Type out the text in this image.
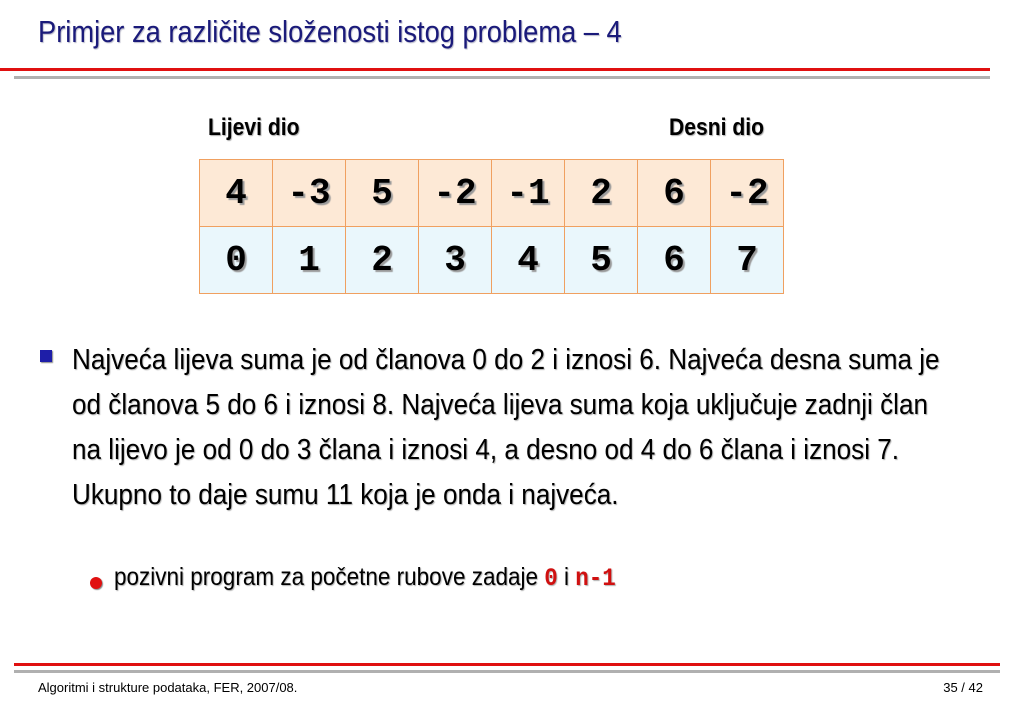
Primjer za različite složenosti istog problema – 4
Lijevi dio	Desni dio
4	-3	5	-2	-1	2	6	-2
0	1	2	3	4	5	6	7
Najveća lijeva suma je od članova 0 do 2 i iznosi 6. Najveća desna suma je od članova 5 do 6 i iznosi 8. Najveća lijeva suma koja uključuje zadnji član na lijevo je od 0 do 3 člana i iznosi 4, a desno od 4 do 6 člana i iznosi 7. Ukupno to daje sumu 11 koja je onda i najveća.
pozivni program za početne rubove zadaje 0 i n-1
Algoritmi i strukture podataka, FER, 2007/08.	35 / 42
